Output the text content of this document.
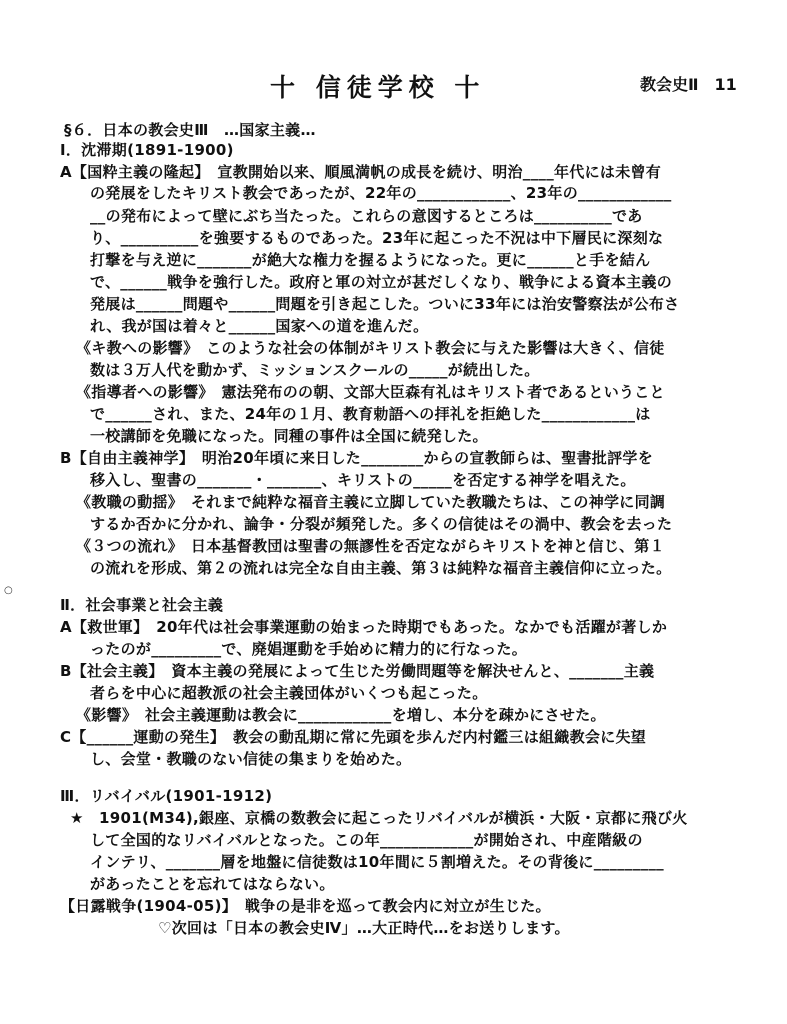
十 信徒学校 十	教会史Ⅱ　11
§６．日本の教会史Ⅲ　…国家主義…
Ⅰ．沈滞期(1891-1900)
A【国粋主義の隆起】　宣教開始以来、順風満帆の成長を続け、明治____年代には未曾有
の発展をしたキリスト教会であったが、22年の____________、23年の____________
__の発布によって壁にぶち当たった。これらの意図するところは__________であ
り、__________を強要するものであった。23年に起こった不況は中下層民に深刻な
打撃を与え逆に_______が絶大な権力を握るようになった。更に______と手を結ん
で、______戦争を強行した。政府と軍の対立が甚だしくなり、戦争による資本主義の
発展は______問題や______問題を引き起こした。ついに33年には治安警察法が公布さ
れ、我が国は着々と______国家への道を進んだ。
《キ教への影響》　このような社会の体制がキリスト教会に与えた影響は大きく、信徒
数は３万人代を動かず、ミッションスクールの_____が続出した。
《指導者への影響》　憲法発布のの朝、文部大臣森有礼はキリスト者であるということ
で______され、また、24年の１月、教育勅語への拝礼を拒絶した____________は
一校講師を免職になった。同種の事件は全国に続発した。
B【自由主義神学】　明治20年頃に来日した________からの宣教師らは、聖書批評学を
移入し、聖書の_______・_______、キリストの_____を否定する神学を唱えた。
《教職の動揺》　それまで純粋な福音主義に立脚していた教職たちは、この神学に同調
するか否かに分かれ、論争・分裂が頻発した。多くの信徒はその渦中、教会を去った
《３つの流れ》　日本基督教団は聖書の無謬性を否定ながらキリストを神と信じ、第１
の流れを形成、第２の流れは完全な自由主義、第３は純粋な福音主義信仰に立った。
Ⅱ．社会事業と社会主義
A【救世軍】　20年代は社会事業運動の始まった時期でもあった。なかでも活躍が著しか
ったのが_________で、廃娼運動を手始めに精力的に行なった。
B【社会主義】　資本主義の発展によって生じた労働問題等を解決せんと、_______主義
者らを中心に超教派の社会主義団体がいくつも起こった。
《影響》　社会主義運動は教会に____________を増し、本分を疎かにさせた。
C【______運動の発生】　教会の動乱期に常に先頭を歩んだ内村鑑三は組織教会に失望
し、会堂・教職のない信徒の集まりを始めた。
Ⅲ．リバイバル(1901-1912)
★　1901(M34),銀座、京橋の数教会に起こったリバイバルが横浜・大阪・京都に飛び火
して全国的なリバイバルとなった。この年____________が開始され、中産階級の
インテリ、_______層を地盤に信徒数は10年間に５割増えた。その背後に_________
があったことを忘れてはならない。
【日露戦争(1904-05)】　戦争の是非を巡って教会内に対立が生じた。
♡次回は「日本の教会史Ⅳ」…大正時代…をお送りします。
○
